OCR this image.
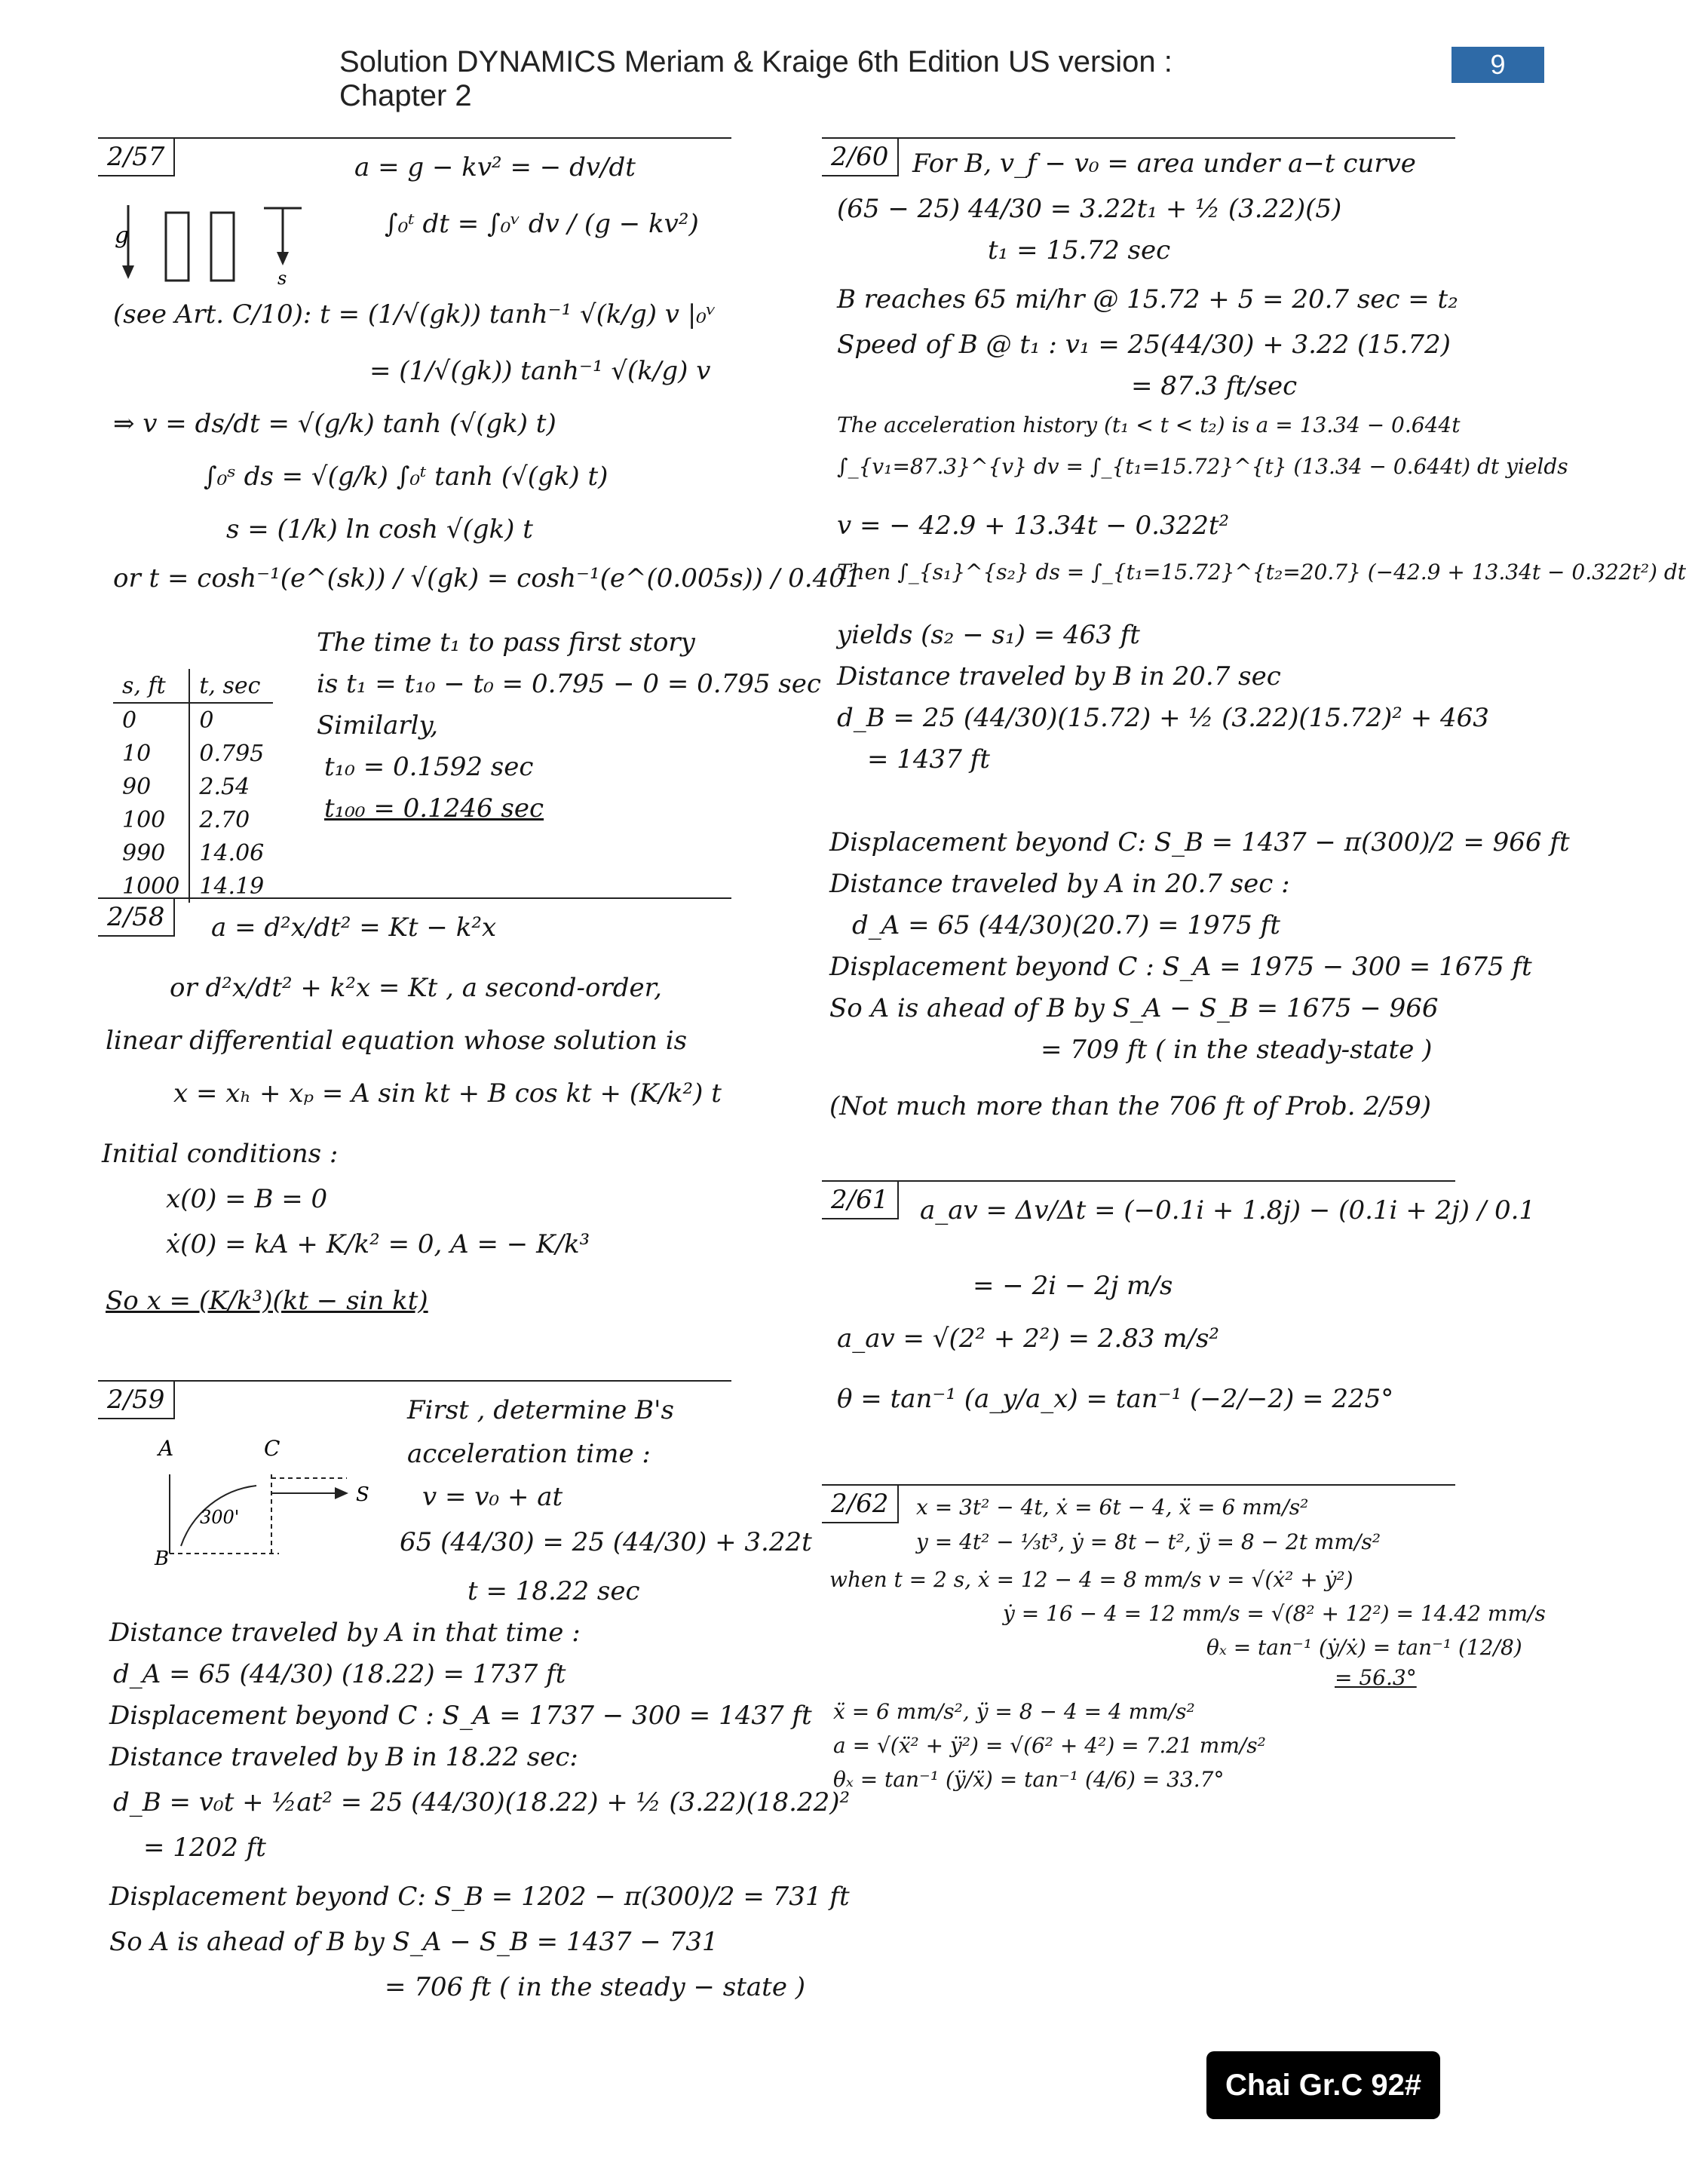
Solution DYNAMICS Meriam & Kraige 6th Edition US version : Chapter 2
9
2/57
g
s
a = g − kv² = − dv/dt
∫₀ᵗ dt = ∫₀ᵛ dv / (g − kv²)
(see Art. C/10): t = (1/√(gk)) tanh⁻¹ √(k/g) v |₀ᵛ
= (1/√(gk)) tanh⁻¹ √(k/g) v
⇒ v = ds/dt = √(g/k) tanh (√(gk) t)
∫₀ˢ ds = √(g/k) ∫₀ᵗ tanh (√(gk) t)
s = (1/k) ln cosh √(gk) t
or t = cosh⁻¹(e^(sk)) / √(gk) = cosh⁻¹(e^(0.005s)) / 0.401
s, ft	t, sec
0	0
10	0.795
90	2.54
100	2.70
990	14.06
1000	14.19
The time t₁ to pass first story
is t₁ = t₁₀ − t₀ = 0.795 − 0 = 0.795 sec
Similarly,
t₁₀ = 0.1592 sec
t₁₀₀ = 0.1246 sec
2/58	a = d²x/dt² = Kt − k²x
or d²x/dt² + k²x = Kt , a second-order,
linear differential equation whose solution is
x = xₕ + xₚ = A sin kt + B cos kt + (K/k²) t
Initial conditions :
x(0) = B = 0
ẋ(0) = kA + K/k² = 0, A = − K/k³
So x = (K/k³)(kt − sin kt)
2/59
A	C
S
300'
B
First , determine B's
acceleration time :
v = v₀ + at
65 (44/30) = 25 (44/30) + 3.22t
t = 18.22 sec
Distance traveled by A in that time :
d_A = 65 (44/30) (18.22) = 1737 ft
Displacement beyond C : S_A = 1737 − 300 = 1437 ft
Distance traveled by B in 18.22 sec:
d_B = v₀t + ½at² = 25 (44/30)(18.22) + ½ (3.22)(18.22)²
= 1202 ft
Displacement beyond C: S_B = 1202 − π(300)/2 = 731 ft
So A is ahead of B by S_A − S_B = 1437 − 731
= 706 ft ( in the steady − state )
2/60 For B, v_f − v₀ = area under a−t curve
(65 − 25) 44/30 = 3.22t₁ + ½ (3.22)(5)
t₁ = 15.72 sec
B reaches 65 mi/hr @ 15.72 + 5 = 20.7 sec = t₂
Speed of B @ t₁ : v₁ = 25(44/30) + 3.22 (15.72)
= 87.3 ft/sec
The acceleration history (t₁ < t < t₂) is a = 13.34 − 0.644t
∫_{v₁=87.3}^{v} dv = ∫_{t₁=15.72}^{t} (13.34 − 0.644t) dt yields
v = − 42.9 + 13.34t − 0.322t²
Then ∫_{s₁}^{s₂} ds = ∫_{t₁=15.72}^{t₂=20.7} (−42.9 + 13.34t − 0.322t²) dt
yields (s₂ − s₁) = 463 ft
Distance traveled by B in 20.7 sec
d_B = 25 (44/30)(15.72) + ½ (3.22)(15.72)² + 463
= 1437 ft
Displacement beyond C: S_B = 1437 − π(300)/2 = 966 ft
Distance traveled by A in 20.7 sec :
d_A = 65 (44/30)(20.7) = 1975 ft
Displacement beyond C : S_A = 1975 − 300 = 1675 ft
So A is ahead of B by S_A − S_B = 1675 − 966
= 709 ft ( in the steady-state )
(Not much more than the 706 ft of Prob. 2/59)
2/61	a_av = Δv/Δt = (−0.1i + 1.8j) − (0.1i + 2j) / 0.1
= − 2i − 2j m/s
a_av = √(2² + 2²) = 2.83 m/s²
θ = tan⁻¹ (a_y/a_x) = tan⁻¹ (−2/−2) = 225°
2/62	x = 3t² − 4t, ẋ = 6t − 4, ẍ = 6 mm/s²
y = 4t² − ⅓t³, ẏ = 8t − t², ÿ = 8 − 2t mm/s²
when t = 2 s, ẋ = 12 − 4 = 8 mm/s v = √(ẋ² + ẏ²)
ẏ = 16 − 4 = 12 mm/s = √(8² + 12²) = 14.42 mm/s
θₓ = tan⁻¹ (ẏ/ẋ) = tan⁻¹ (12/8)
= 56.3°
ẍ = 6 mm/s², ÿ = 8 − 4 = 4 mm/s²
a = √(ẍ² + ÿ²) = √(6² + 4²) = 7.21 mm/s²
θₓ = tan⁻¹ (ÿ/ẍ) = tan⁻¹ (4/6) = 33.7°
Chai Gr.C 92#
